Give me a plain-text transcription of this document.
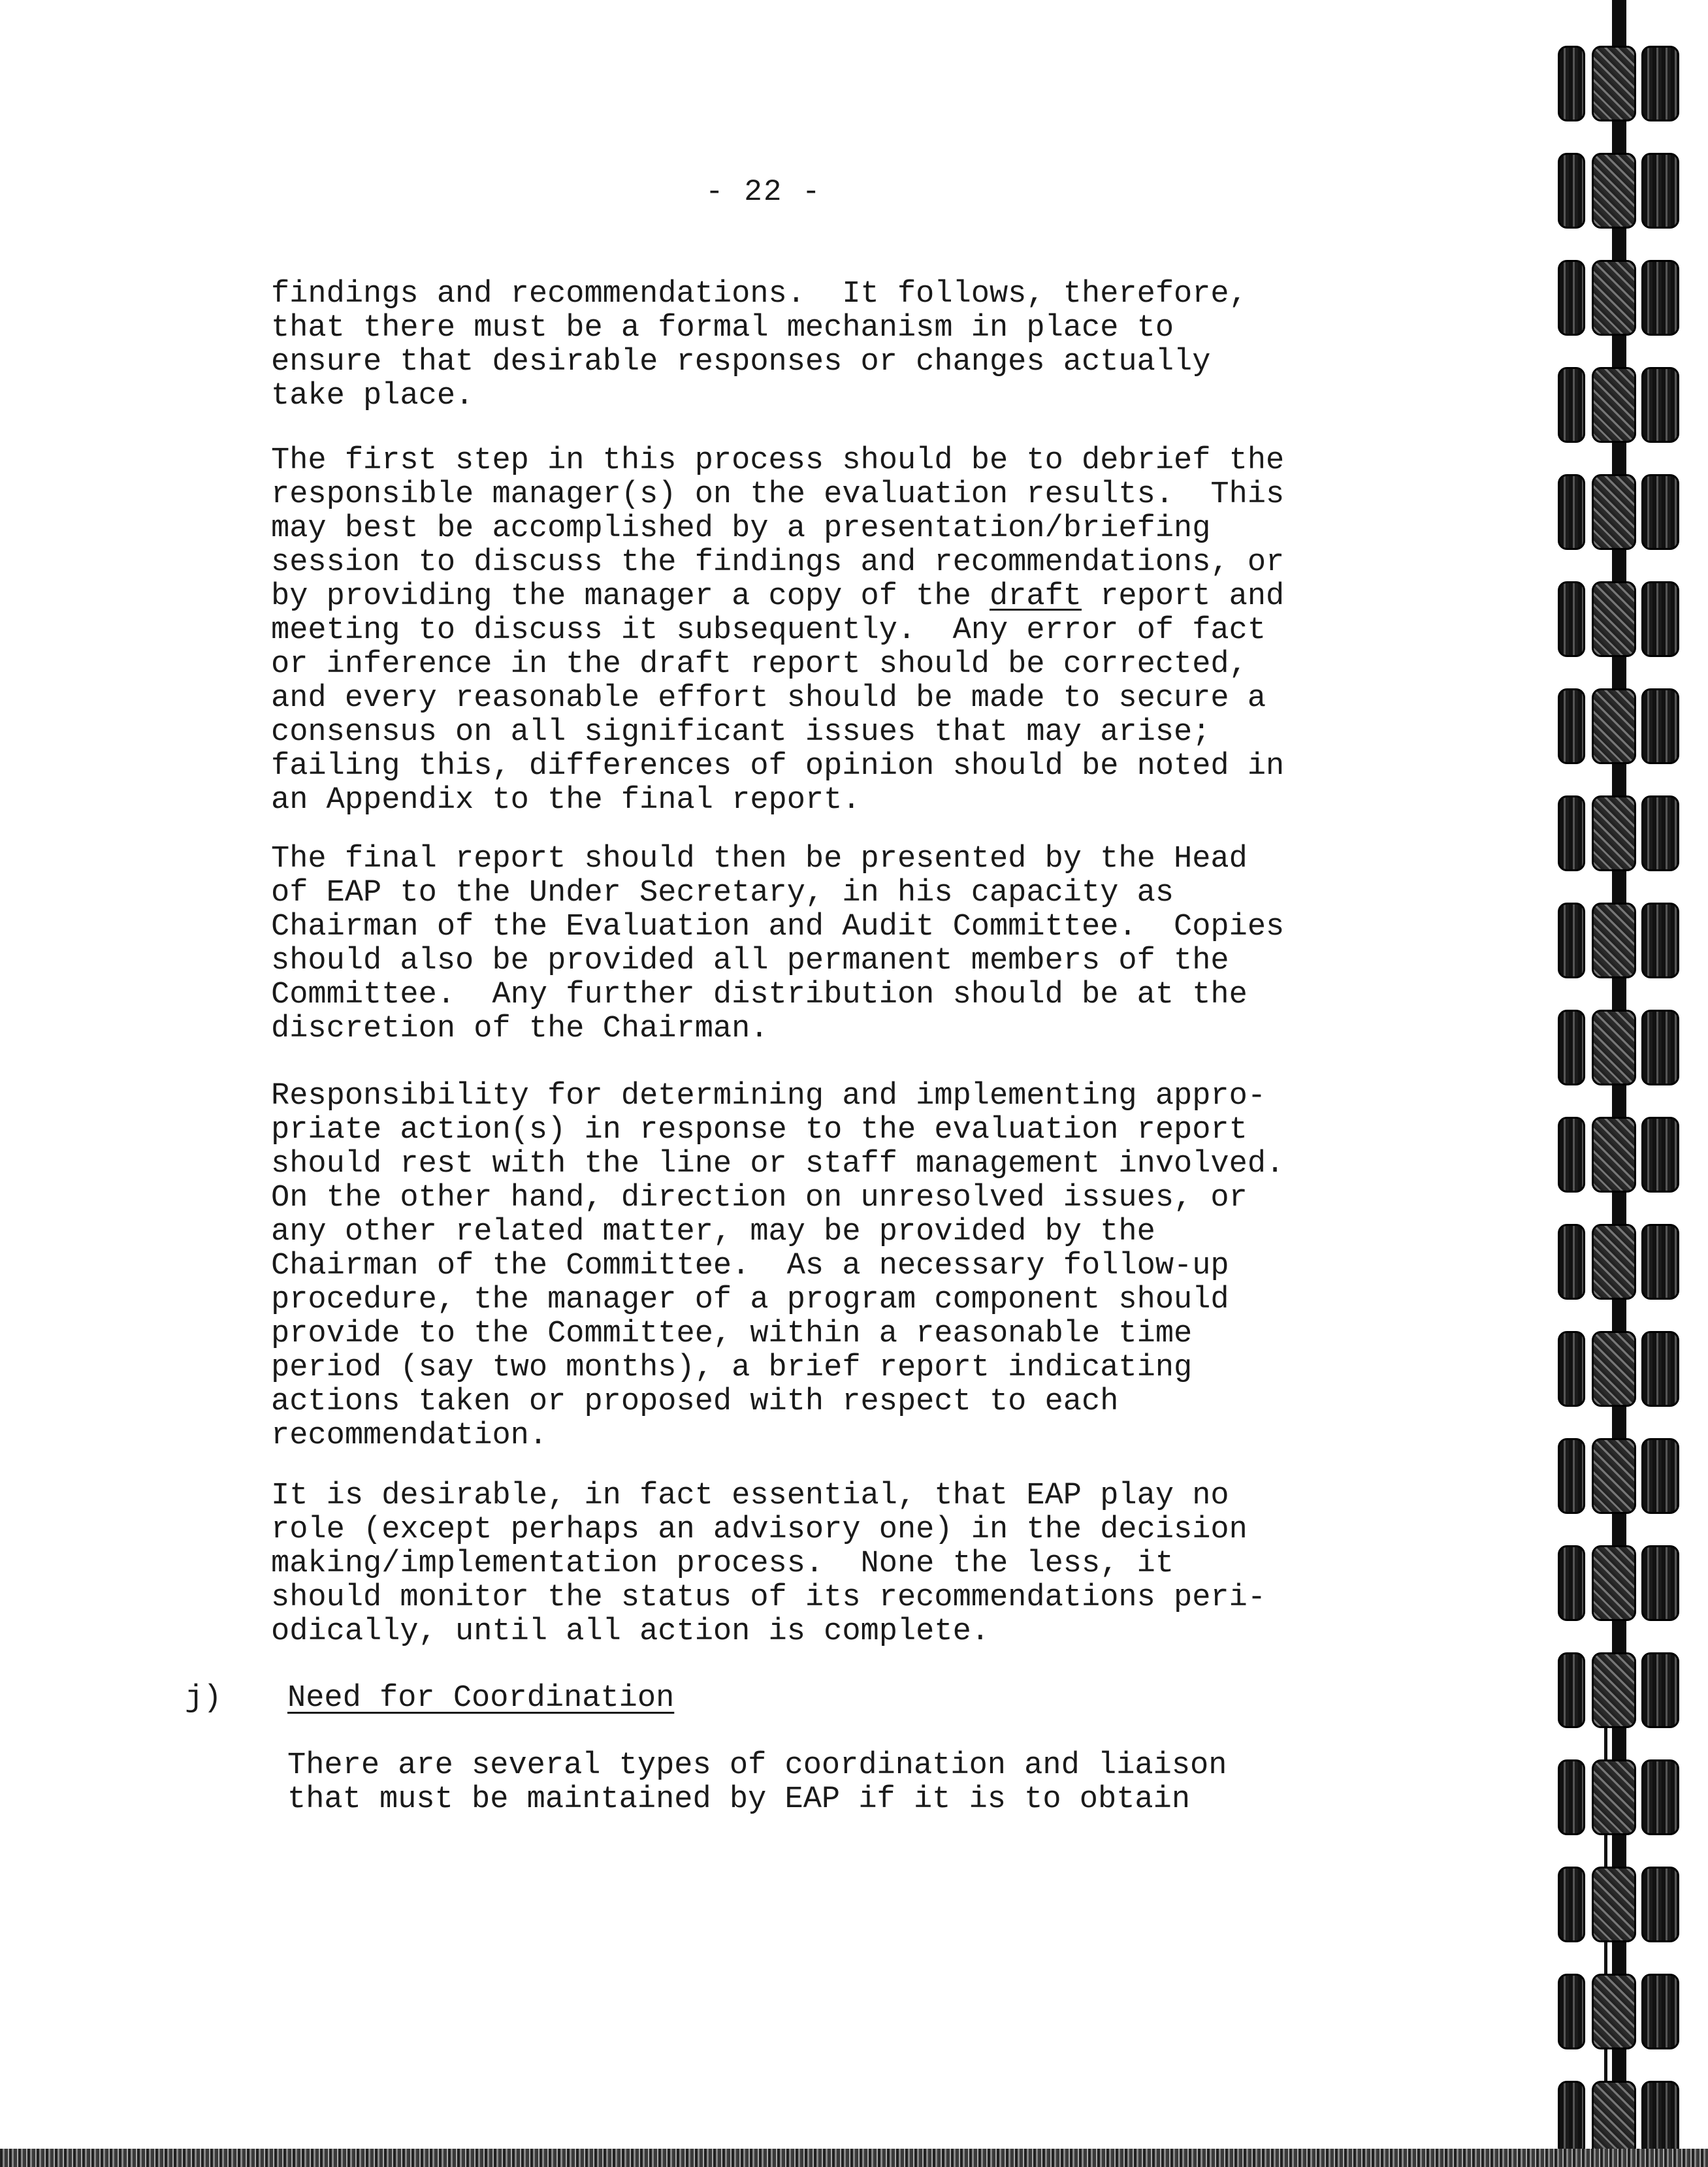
- 22 -

findings and recommendations.  It follows, therefore,
that there must be a formal mechanism in place to
ensure that desirable responses or changes actually
take place.

The first step in this process should be to debrief the
responsible manager(s) on the evaluation results.  This
may best be accomplished by a presentation/briefing
session to discuss the findings and recommendations, or
by providing the manager a copy of the draft report and
meeting to discuss it subsequently.  Any error of fact
or inference in the draft report should be corrected,
and every reasonable effort should be made to secure a
consensus on all significant issues that may arise;
failing this, differences of opinion should be noted in
an Appendix to the final report.

The final report should then be presented by the Head
of EAP to the Under Secretary, in his capacity as
Chairman of the Evaluation and Audit Committee.  Copies
should also be provided all permanent members of the
Committee.  Any further distribution should be at the
discretion of the Chairman.

Responsibility for determining and implementing appro-
priate action(s) in response to the evaluation report
should rest with the line or staff management involved.
On the other hand, direction on unresolved issues, or
any other related matter, may be provided by the
Chairman of the Committee.  As a necessary follow-up
procedure, the manager of a program component should
provide to the Committee, within a reasonable time
period (say two months), a brief report indicating
actions taken or proposed with respect to each
recommendation.

It is desirable, in fact essential, that EAP play no
role (except perhaps an advisory one) in the decision
making/implementation process.  None the less, it
should monitor the status of its recommendations peri-
odically, until all action is complete.

j) Need for Coordination

There are several types of coordination and liaison
that must be maintained by EAP if it is to obtain
